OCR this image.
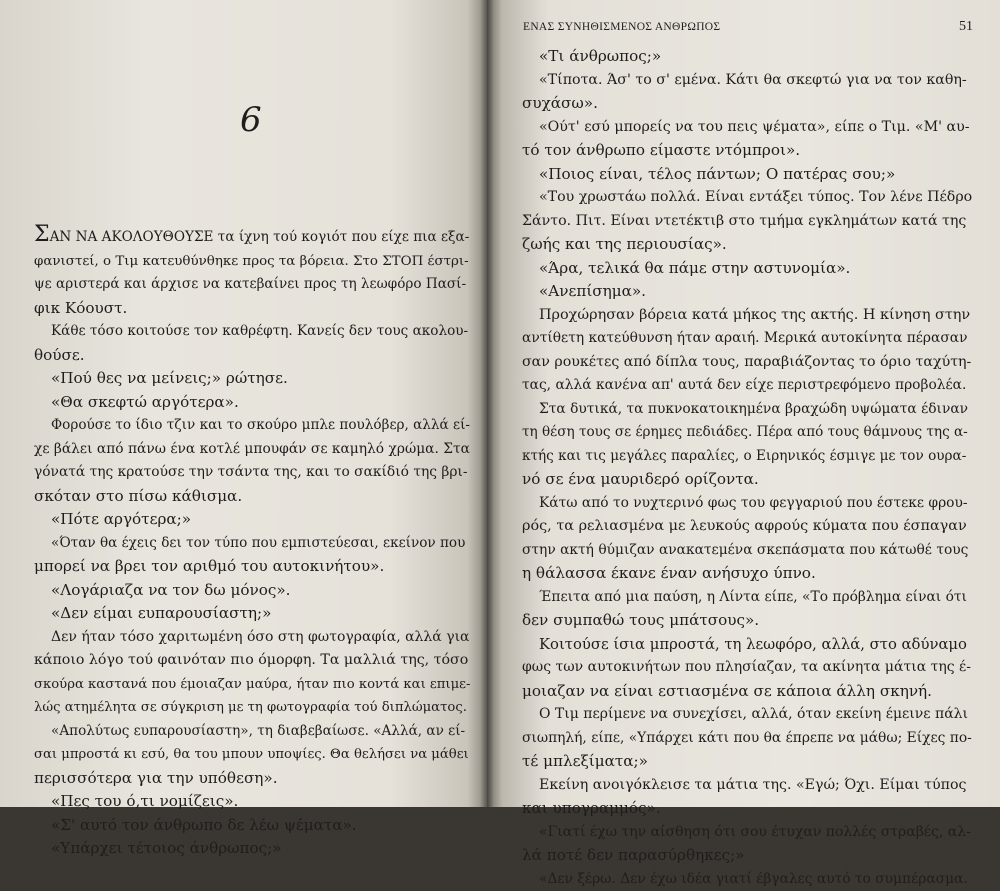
6
ΣΑΝ ΝΑ ΑΚΟΛΟΥΘΟΥΣΕ τα ίχνη τού κογιότ που είχε πια εξα-
φανιστεί, ο Τιμ κατευθύνθηκε προς τα βόρεια. Στο ΣΤΟΠ έστρι-
ψε αριστερά και άρχισε να κατεβαίνει προς τη λεωφόρο Πασί-
φικ Κόουστ.
Κάθε τόσο κοιτούσε τον καθρέφτη. Κανείς δεν τους ακολου-
θούσε.
«Πού θες να μείνεις;» ρώτησε.
«Θα σκεφτώ αργότερα».
Φορούσε το ίδιο τζιν και το σκούρο μπλε πουλόβερ, αλλά εί-
χε βάλει από πάνω ένα κοτλέ μπουφάν σε καμηλό χρώμα. Στα
γόνατά της κρατούσε την τσάντα της, και το σακίδιό της βρι-
σκόταν στο πίσω κάθισμα.
«Πότε αργότερα;»
«Όταν θα έχεις δει τον τύπο που εμπιστεύεσαι, εκείνον που
μπορεί να βρει τον αριθμό του αυτοκινήτου».
«Λογάριαζα να τον δω μόνος».
«Δεν είμαι ευπαρουσίαστη;»
Δεν ήταν τόσο χαριτωμένη όσο στη φωτογραφία, αλλά για
κάποιο λόγο τού φαινόταν πιο όμορφη. Τα μαλλιά της, τόσο
σκούρα καστανά που έμοιαζαν μαύρα, ήταν πιο κοντά και επιμε-
λώς ατημέλητα σε σύγκριση με τη φωτογραφία τού διπλώματος.
«Απολύτως ευπαρουσίαστη», τη διαβεβαίωσε. «Αλλά, αν εί-
σαι μπροστά κι εσύ, θα του μπουν υποψίες. Θα θελήσει να μάθει
περισσότερα για την υπόθεση».
«Πες του ό,τι νομίζεις».
«Σ' αυτό τον άνθρωπο δε λέω ψέματα».
«Υπάρχει τέτοιος άνθρωπος;»
ΕΝΑΣ ΣΥΝΗΘΙΣΜΕΝΟΣ ΑΝΘΡΩΠΟΣ	51
«Τι άνθρωπος;»
«Τίποτα. Άσ' το σ' εμένα. Κάτι θα σκεφτώ για να τον καθη-
συχάσω».
«Ούτ' εσύ μπορείς να του πεις ψέματα», είπε ο Τιμ. «Μ' αυ-
τό τον άνθρωπο είμαστε ντόμπροι».
«Ποιος είναι, τέλος πάντων; Ο πατέρας σου;»
«Του χρωστάω πολλά. Είναι εντάξει τύπος. Τον λένε Πέδρο
Σάντο. Πιτ. Είναι ντετέκτιβ στο τμήμα εγκλημάτων κατά της
ζωής και της περιουσίας».
«Άρα, τελικά θα πάμε στην αστυνομία».
«Ανεπίσημα».
Προχώρησαν βόρεια κατά μήκος της ακτής. Η κίνηση στην
αντίθετη κατεύθυνση ήταν αραιή. Μερικά αυτοκίνητα πέρασαν
σαν ρουκέτες από δίπλα τους, παραβιάζοντας το όριο ταχύτη-
τας, αλλά κανένα απ' αυτά δεν είχε περιστρεφόμενο προβολέα.
Στα δυτικά, τα πυκνοκατοικημένα βραχώδη υψώματα έδιναν
τη θέση τους σε έρημες πεδιάδες. Πέρα από τους θάμνους της α-
κτής και τις μεγάλες παραλίες, ο Ειρηνικός έσμιγε με τον ουρα-
νό σε ένα μαυριδερό ορίζοντα.
Κάτω από το νυχτερινό φως του φεγγαριού που έστεκε φρου-
ρός, τα ρελιασμένα με λευκούς αφρούς κύματα που έσπαγαν
στην ακτή θύμιζαν ανακατεμένα σκεπάσματα που κάτωθέ τους
η θάλασσα έκανε έναν ανήσυχο ύπνο.
Έπειτα από μια παύση, η Λίντα είπε, «Το πρόβλημα είναι ότι
δεν συμπαθώ τους μπάτσους».
Κοιτούσε ίσια μπροστά, τη λεωφόρο, αλλά, στο αδύναμο
φως των αυτοκινήτων που πλησίαζαν, τα ακίνητα μάτια της έ-
μοιαζαν να είναι εστιασμένα σε κάποια άλλη σκηνή.
Ο Τιμ περίμενε να συνεχίσει, αλλά, όταν εκείνη έμεινε πάλι
σιωπηλή, είπε, «Υπάρχει κάτι που θα έπρεπε να μάθω; Είχες πο-
τέ μπλεξίματα;»
Εκείνη ανοιγόκλεισε τα μάτια της. «Εγώ; Όχι. Είμαι τύπος
και υπογραμμός».
«Γιατί έχω την αίσθηση ότι σου έτυχαν πολλές στραβές, αλ-
λά ποτέ δεν παρασύρθηκες;»
«Δεν ξέρω. Δεν έχω ιδέα γιατί έβγαλες αυτό το συμπέρασμα.
